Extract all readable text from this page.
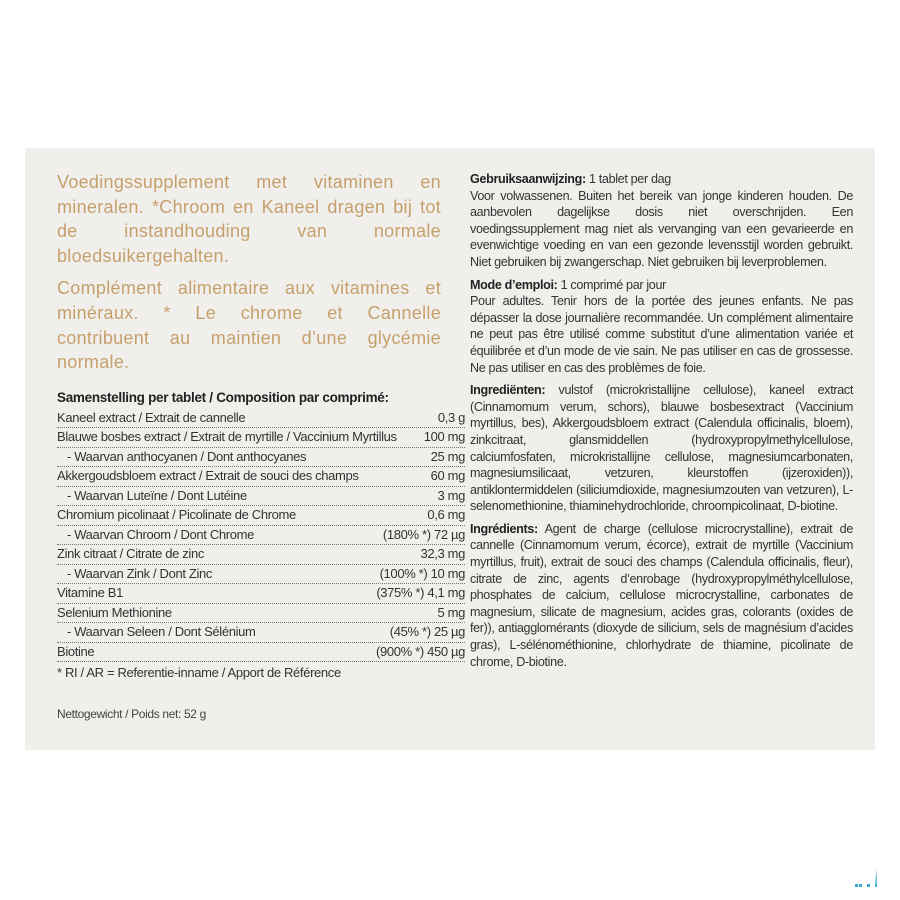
Voedingssupplement met vitaminen en mineralen. *Chroom en Kaneel dragen bij tot de instandhouding van normale bloedsuikergehalten.

Complément alimentaire aux vitamines et minéraux. * Le chrome et Cannelle contribuent au maintien d’une glycémie normale.

Samenstelling per tablet / Composition par comprimé:
Kaneel extract / Extrait de cannelle	0,3 g
Blauwe bosbes extract / Extrait de myrtille / Vaccinium Myrtillus 100 mg
- Waarvan anthocyanen / Dont anthocyanes	25 mg
Akkergoudsbloem extract / Extrait de souci des champs	60 mg
- Waarvan Luteïne / Dont Lutéine	3 mg
Chromium picolinaat / Picolinate de Chrome	0,6 mg
- Waarvan Chroom / Dont Chrome	(180% *) 72 µg
Zink citraat / Citrate de zinc	32,3 mg
- Waarvan Zink / Dont Zinc	(100% *) 10 mg
Vitamine B1	(375% *) 4,1 mg
Selenium Methionine	5 mg
- Waarvan Seleen / Dont Sélénium	(45% *) 25 µg
Biotine	(900% *) 450 µg
* RI / AR = Referentie-inname / Apport de Référence
Nettogewicht / Poids net: 52 g

Gebruiksaanwijzing: 1 tablet per dag

Voor volwassenen. Buiten het bereik van jonge kinderen houden. De aanbevolen dagelijkse dosis niet overschrijden. Een voedingssupplement mag niet als vervanging van een gevarieerde en evenwichtige voeding en van een gezonde levensstijl worden gebruikt. Niet gebruiken bij zwangerschap. Niet gebruiken bij leverproblemen.

Mode d’emploi: 1 comprimé par jour

Pour adultes. Tenir hors de la portée des jeunes enfants. Ne pas dépasser la dose journalière recommandée. Un complément alimentaire ne peut pas être utilisé comme substitut d’une alimentation variée et équilibrée et d’un mode de vie sain. Ne pas utiliser en cas de grossesse. Ne pas utiliser en cas des problèmes de foie.

Ingrediënten: vulstof (microkristallijne cellulose), kaneel extract (Cinnamomum verum, schors), blauwe bosbesextract (Vaccinium myrtillus, bes), Akkergoudsbloem extract (Calendula officinalis, bloem), zinkcitraat, glansmiddellen (hydroxypropylmethylcellulose, calciumfosfaten, microkristallijne cellulose, magnesiumcarbonaten, magnesiumsilicaat, vetzuren, kleurstoffen (ijzeroxiden)), antiklontermiddelen (siliciumdioxide, magnesiumzouten van vetzuren), L-selenomethionine, thiaminehydrochloride, chroompicolinaat, D-biotine.

Ingrédients: Agent de charge (cellulose microcrystalline), extrait de cannelle (Cinnamomum verum, écorce), extrait de myrtille (Vaccinium myrtillus, fruit), extrait de souci des champs (Calendula officinalis, fleur), citrate de zinc, agents d’enrobage (hydroxypropylméthylcellulose, phosphates de calcium, cellulose microcrystalline, carbonates de magnesium, silicate de magnesium, acides gras, colorants (oxides de fer)), antiagglomérants (dioxyde de silicium, sels de magnésium d’acides gras), L-sélénométhionine, chlorhydrate de thiamine, picolinate de chrome, D-biotine.
